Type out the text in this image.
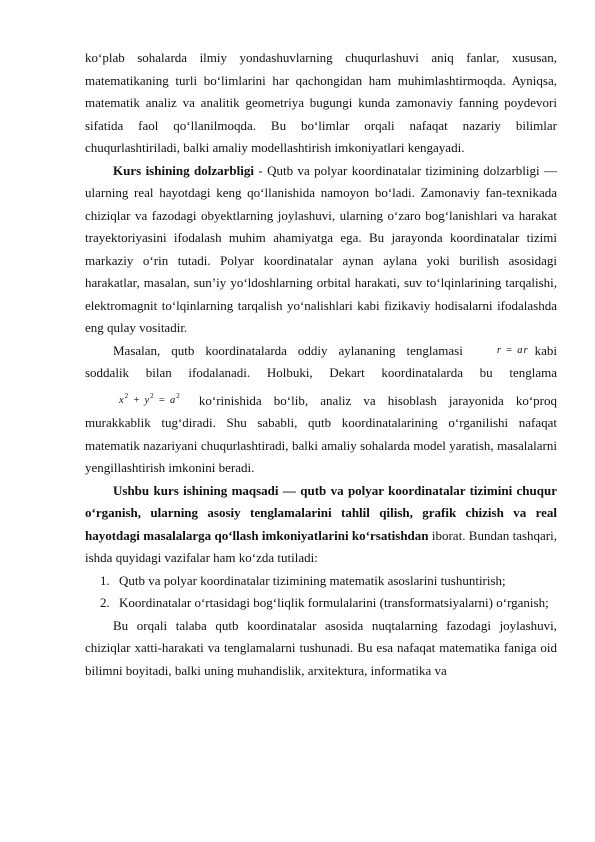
ko‘plab sohalarda ilmiy yondashuvlarning chuqurlashuvi aniq fanlar, xususan, matematikaning turli bo‘limlarini har qachongidan ham muhimlashtirmoqda. Ayniqsa, matematik analiz va analitik geometriya bugungi kunda zamonaviy fanning poydevori sifatida faol qo‘llanilmoqda. Bu bo‘limlar orqali nafaqat nazariy bilimlar chuqurlashtiriladi, balki amaliy modellashtirish imkoniyatlari kengayadi.

Kurs ishining dolzarbligi - Qutb va polyar koordinatalar tizimining dolzarbligi — ularning real hayotdagi keng qo‘llanishida namoyon bo‘ladi. Zamonaviy fan-texnikada chiziqlar va fazodagi obyektlarning joylashuvi, ularning o‘zaro bog‘lanishlari va harakat trayektoriyasini ifodalash muhim ahamiyatga ega. Bu jarayonda koordinatalar tizimi markaziy o‘rin tutadi. Polyar koordinatalar aynan aylana yoki burilish asosidagi harakatlar, masalan, sun’iy yo‘ldoshlarning orbital harakati, suv to‘lqinlarining tarqalishi, elektromagnit to‘lqinlarning tarqalish yo‘nalishlari kabi fizikaviy hodisalarni ifodalashda eng qulay vositadir.

Masalan, qutb koordinatalarda oddiy aylananing tenglamasi	r = ar kabi soddalik bilan ifodalanadi. Holbuki, Dekart koordinatalarda bu tenglama $x^2 + y^2 = a^2$ ko‘rinishida bo‘lib, analiz va hisoblash jarayonida ko‘proq murakkablik tug‘diradi. Shu sababli, qutb koordinatalarining o‘rganilishi nafaqat matematik nazariyani chuqurlashtiradi, balki amaliy sohalarda model yaratish, masalalarni yengillashtirish imkonini beradi.

Ushbu kurs ishining maqsadi — qutb va polyar koordinatalar tizimini chuqur o‘rganish, ularning asosiy tenglamalarini tahlil qilish, grafik chizish va real hayotdagi masalalarga qo‘llash imkoniyatlarini ko‘rsatishdan iborat. Bundan tashqari, ishda quyidagi vazifalar ham ko‘zda tutiladi:

1. Qutb va polyar koordinatalar tizimining matematik asoslarini tushuntirish;
2. Koordinatalar o‘rtasidagi bog‘liqlik formulalarini (transformatsiyalarni) o‘rganish;

Bu orqali talaba qutb koordinatalar asosida nuqtalarning fazodagi joylashuvi, chiziqlar xatti-harakati va tenglamalarni tushunadi. Bu esa nafaqat matematika faniga oid bilimni boyitadi, balki uning muhandislik, arxitektura, informatika va
